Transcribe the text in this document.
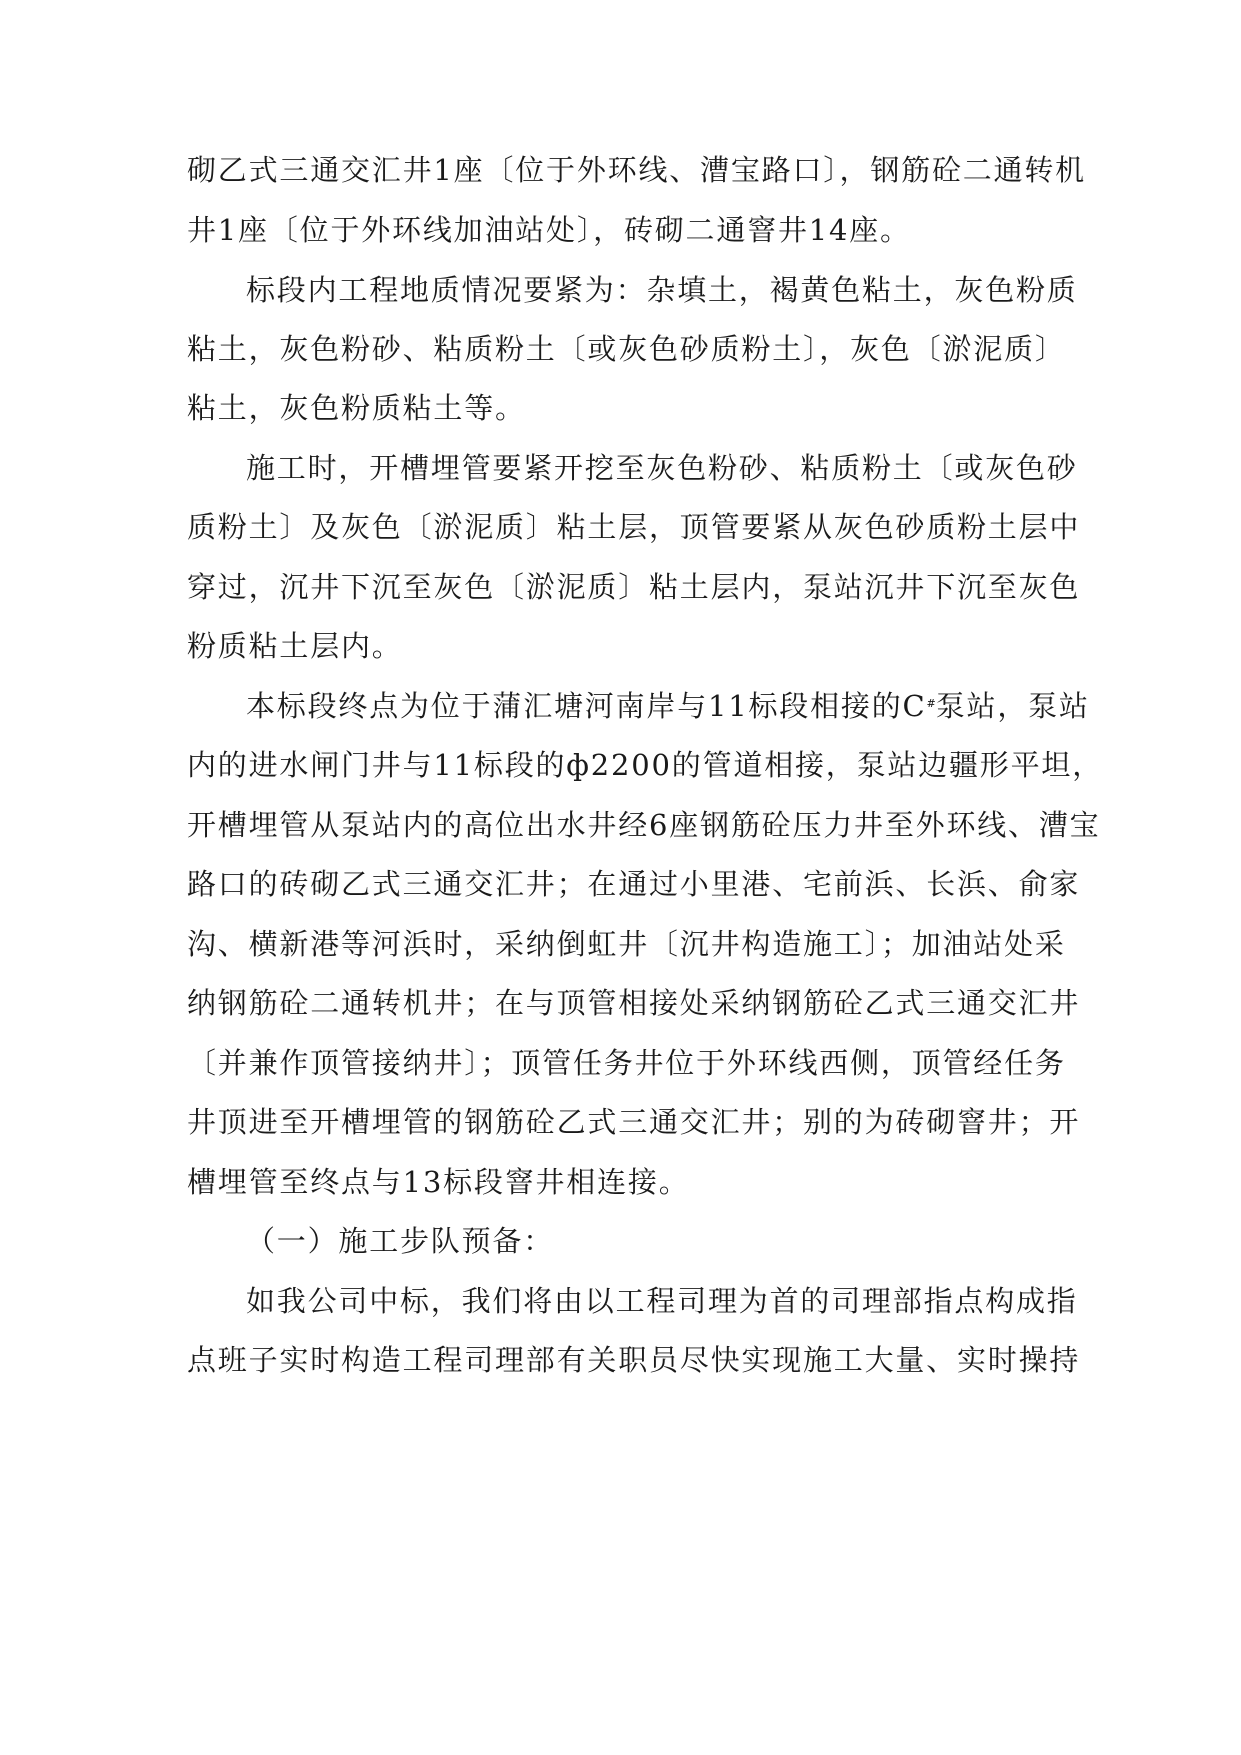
砌乙式三通交汇井1座〔位于外环线、漕宝路口〕，钢筋砼二通转机
井1座〔位于外环线加油站处〕，砖砌二通窨井14座。
标段内工程地质情况要紧为：杂填土，褐黄色粘土，灰色粉质
粘土，灰色粉砂、粘质粉土〔或灰色砂质粉土〕，灰色〔淤泥质〕
粘土，灰色粉质粘土等。
施工时，开槽埋管要紧开挖至灰色粉砂、粘质粉土〔或灰色砂
质粉土〕及灰色〔淤泥质〕粘土层，顶管要紧从灰色砂质粉土层中
穿过，沉井下沉至灰色〔淤泥质〕粘土层内，泵站沉井下沉至灰色
粉质粘土层内。
本标段终点为位于蒲汇塘河南岸与11标段相接的C#泵站，泵站
内的进水闸门井与11标段的ф2200的管道相接，泵站边疆形平坦，
开槽埋管从泵站内的高位出水井经6座钢筋砼压力井至外环线、漕宝
路口的砖砌乙式三通交汇井；在通过小里港、宅前浜、长浜、俞家
沟、横新港等河浜时，采纳倒虹井〔沉井构造施工〕；加油站处采
纳钢筋砼二通转机井；在与顶管相接处采纳钢筋砼乙式三通交汇井
〔并兼作顶管接纳井〕；顶管任务井位于外环线西侧，顶管经任务
井顶进至开槽埋管的钢筋砼乙式三通交汇井；别的为砖砌窨井；开
槽埋管至终点与13标段窨井相连接。
（一）施工步队预备：
如我公司中标，我们将由以工程司理为首的司理部指点构成指
点班子实时构造工程司理部有关职员尽快实现施工大量、实时操持
